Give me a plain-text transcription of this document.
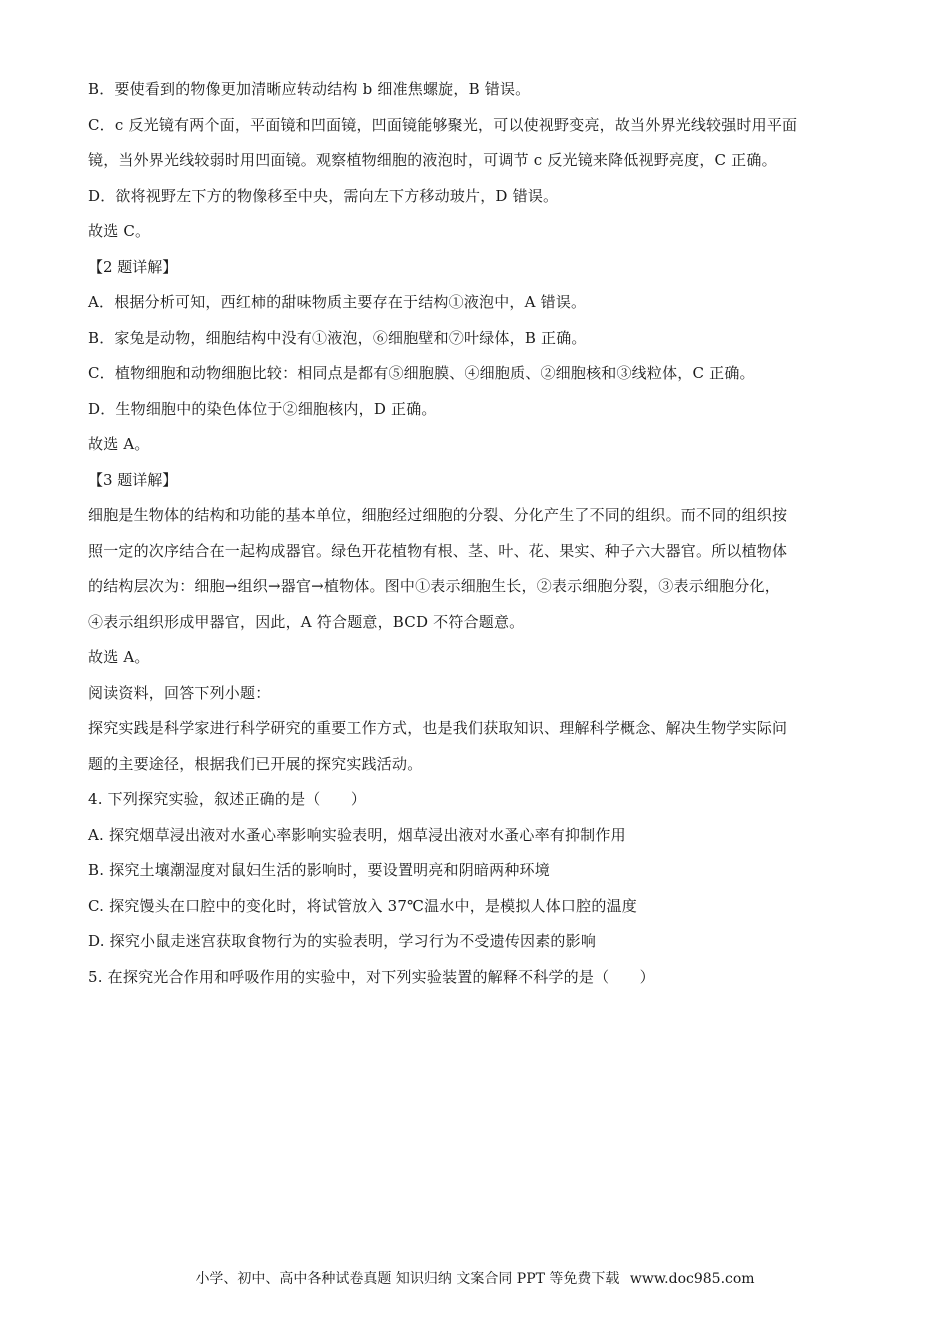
B．要使看到的物像更加清晰应转动结构 b 细准焦螺旋，B 错误。
C．c 反光镜有两个面，平面镜和凹面镜，凹面镜能够聚光，可以使视野变亮，故当外界光线较强时用平面
镜，当外界光线较弱时用凹面镜。观察植物细胞的液泡时，可调节 c 反光镜来降低视野亮度，C 正确。
D．欲将视野左下方的物像移至中央，需向左下方移动玻片，D 错误。
故选 C。
【2 题详解】
A．根据分析可知，西红柿的甜味物质主要存在于结构①液泡中，A 错误。
B．家兔是动物，细胞结构中没有①液泡，⑥细胞壁和⑦叶绿体，B 正确。
C．植物细胞和动物细胞比较：相同点是都有⑤细胞膜、④细胞质、②细胞核和③线粒体，C 正确。
D．生物细胞中的染色体位于②细胞核内，D 正确。
故选 A。
【3 题详解】
细胞是生物体的结构和功能的基本单位，细胞经过细胞的分裂、分化产生了不同的组织。而不同的组织按
照一定的次序结合在一起构成器官。绿色开花植物有根、茎、叶、花、果实、种子六大器官。所以植物体
的结构层次为：细胞→组织→器官→植物体。图中①表示细胞生长，②表示细胞分裂，③表示细胞分化，
④表示组织形成甲器官，因此，A 符合题意，BCD 不符合题意。
故选 A。
阅读资料，回答下列小题：
探究实践是科学家进行科学研究的重要工作方式，也是我们获取知识、理解科学概念、解决生物学实际问
题的主要途径，根据我们已开展的探究实践活动。
4. 下列探究实验，叙述正确的是（　　）
A. 探究烟草浸出液对水蚤心率影响实验表明，烟草浸出液对水蚤心率有抑制作用
B. 探究土壤潮湿度对鼠妇生活的影响时，要设置明亮和阴暗两种环境
C. 探究馒头在口腔中的变化时，将试管放入 37℃温水中，是模拟人体口腔的温度
D. 探究小鼠走迷宫获取食物行为的实验表明，学习行为不受遗传因素的影响
5. 在探究光合作用和呼吸作用的实验中，对下列实验装置的解释不科学的是（　　）
小学、初中、高中各种试卷真题 知识归纳 文案合同 PPT 等免费下载 www.doc985.com
